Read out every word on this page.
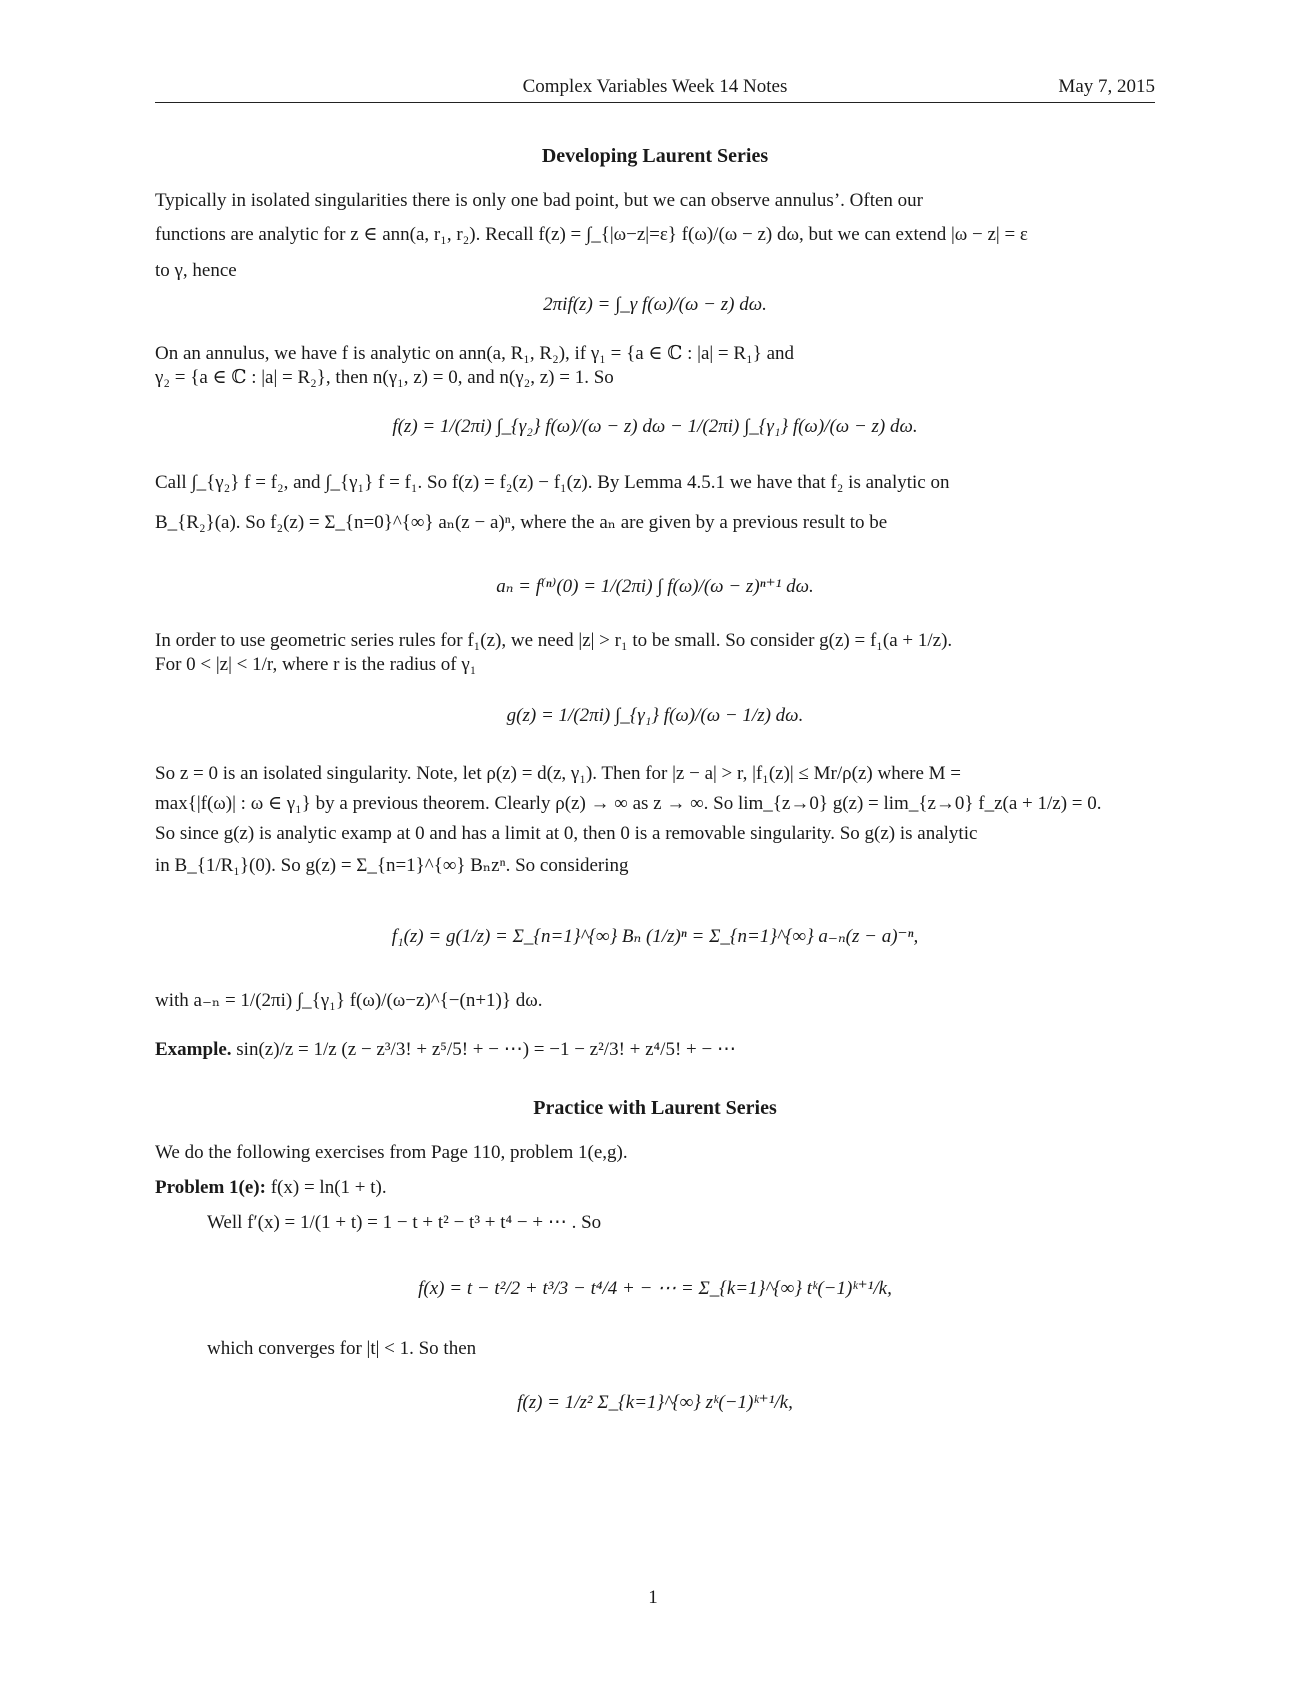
Complex Variables Week 14 Notes	May 7, 2015
Developing Laurent Series
Typically in isolated singularities there is only one bad point, but we can observe annulus’. Often our
functions are analytic for z ∈ ann(a, r₁, r₂). Recall f(z) = ∫_{|ω−z|=ε} f(ω)/(ω − z) dω, but we can extend |ω − z| = ε
to γ, hence
2πif(z) = ∫_γ f(ω)/(ω − z) dω.
On an annulus, we have f is analytic on ann(a, R₁, R₂), if γ₁ = {a ∈ ℂ : |a| = R₁} and
γ₂ = {a ∈ ℂ : |a| = R₂}, then n(γ₁, z) = 0, and n(γ₂, z) = 1. So
f(z) = 1/(2πi) ∫_{γ₂} f(ω)/(ω − z) dω − 1/(2πi) ∫_{γ₁} f(ω)/(ω − z) dω.
Call ∫_{γ₂} f = f₂, and ∫_{γ₁} f = f₁. So f(z) = f₂(z) − f₁(z). By Lemma 4.5.1 we have that f₂ is analytic on
B_{R₂}(a). So f₂(z) = Σ_{n=0}^{∞} aₙ(z − a)ⁿ, where the aₙ are given by a previous result to be
aₙ = f⁽ⁿ⁾(0) = 1/(2πi) ∫ f(ω)/(ω − z)ⁿ⁺¹ dω.
In order to use geometric series rules for f₁(z), we need |z| > r₁ to be small. So consider g(z) = f₁(a + 1/z).
For 0 < |z| < 1/r, where r is the radius of γ₁
g(z) = 1/(2πi) ∫_{γ₁} f(ω)/(ω − 1/z) dω.
So z = 0 is an isolated singularity. Note, let ρ(z) = d(z, γ₁). Then for |z − a| > r, |f₁(z)| ≤ Mr/ρ(z) where M =
max{|f(ω)| : ω ∈ γ₁} by a previous theorem. Clearly ρ(z) → ∞ as z → ∞. So lim_{z→0} g(z) = lim_{z→0} f_z(a + 1/z) = 0.
So since g(z) is analytic examp at 0 and has a limit at 0, then 0 is a removable singularity. So g(z) is analytic
in B_{1/R₁}(0). So g(z) = Σ_{n=1}^{∞} Bₙzⁿ. So considering
f₁(z) = g(1/z) = Σ_{n=1}^{∞} Bₙ (1/z)ⁿ = Σ_{n=1}^{∞} a₋ₙ(z − a)⁻ⁿ,
with a₋ₙ = 1/(2πi) ∫_{γ₁} f(ω)/(ω−z)^{−(n+1)} dω.
Example. sin(z)/z = 1/z (z − z³/3! + z⁵/5! + − ⋯) = −1 − z²/3! + z⁴/5! + − ⋯
Practice with Laurent Series
We do the following exercises from Page 110, problem 1(e,g).
Problem 1(e): f(x) = ln(1 + t).
Well f′(x) = 1/(1 + t) = 1 − t + t² − t³ + t⁴ − + ⋯ . So
f(x) = t − t²/2 + t³/3 − t⁴/4 + − ⋯ = Σ_{k=1}^{∞} tᵏ(−1)ᵏ⁺¹/k,
which converges for |t| < 1. So then
f(z) = 1/z² Σ_{k=1}^{∞} zᵏ(−1)ᵏ⁺¹/k,
1
